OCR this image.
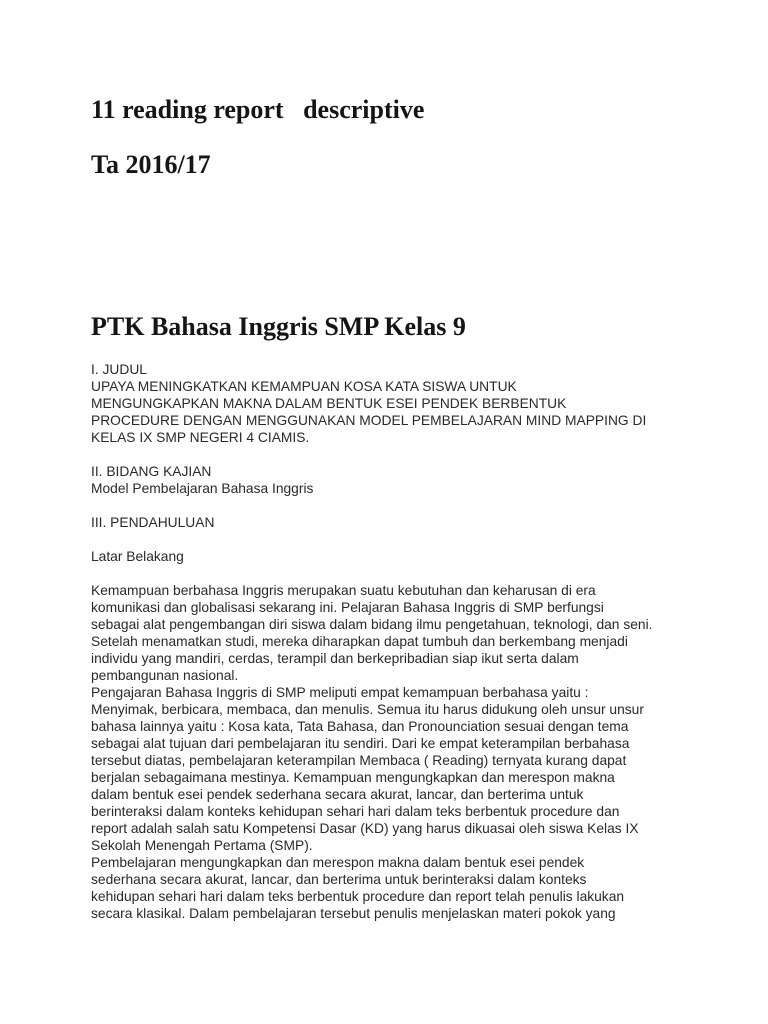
11 reading report   descriptive
Ta 2016/17
PTK Bahasa Inggris SMP Kelas 9
I. JUDUL
UPAYA MENINGKATKAN KEMAMPUAN KOSA KATA SISWA UNTUK
MENGUNGKAPKAN MAKNA DALAM BENTUK ESEI PENDEK BERBENTUK
PROCEDURE DENGAN MENGGUNAKAN MODEL PEMBELAJARAN MIND MAPPING DI
KELAS IX SMP NEGERI 4 CIAMIS.
II. BIDANG KAJIAN
Model Pembelajaran Bahasa Inggris
III. PENDAHULUAN
Latar Belakang
Kemampuan berbahasa Inggris merupakan suatu kebutuhan dan keharusan di era
komunikasi dan globalisasi sekarang ini. Pelajaran Bahasa Inggris di SMP berfungsi
sebagai alat pengembangan diri siswa dalam bidang ilmu pengetahuan, teknologi, dan seni.
Setelah menamatkan studi, mereka diharapkan dapat tumbuh dan berkembang menjadi
individu yang mandiri, cerdas, terampil dan berkepribadian siap ikut serta dalam
pembangunan nasional.
Pengajaran Bahasa Inggris di SMP meliputi empat kemampuan berbahasa yaitu :
Menyimak, berbicara, membaca, dan menulis. Semua itu harus didukung oleh unsur unsur
bahasa lainnya yaitu : Kosa kata, Tata Bahasa, dan Pronounciation sesuai dengan tema
sebagai alat tujuan dari pembelajaran itu sendiri. Dari ke empat keterampilan berbahasa
tersebut diatas, pembelajaran keterampilan Membaca ( Reading) ternyata kurang dapat
berjalan sebagaimana mestinya. Kemampuan mengungkapkan dan merespon makna
dalam bentuk esei pendek sederhana secara akurat, lancar, dan berterima untuk
berinteraksi dalam konteks kehidupan sehari hari dalam teks berbentuk procedure dan
report adalah salah satu Kompetensi Dasar (KD) yang harus dikuasai oleh siswa Kelas IX
Sekolah Menengah Pertama (SMP).
Pembelajaran mengungkapkan dan merespon makna dalam bentuk esei pendek
sederhana secara akurat, lancar, dan berterima untuk berinteraksi dalam konteks
kehidupan sehari hari dalam teks berbentuk procedure dan report telah penulis lakukan
secara klasikal. Dalam pembelajaran tersebut penulis menjelaskan materi pokok yang
